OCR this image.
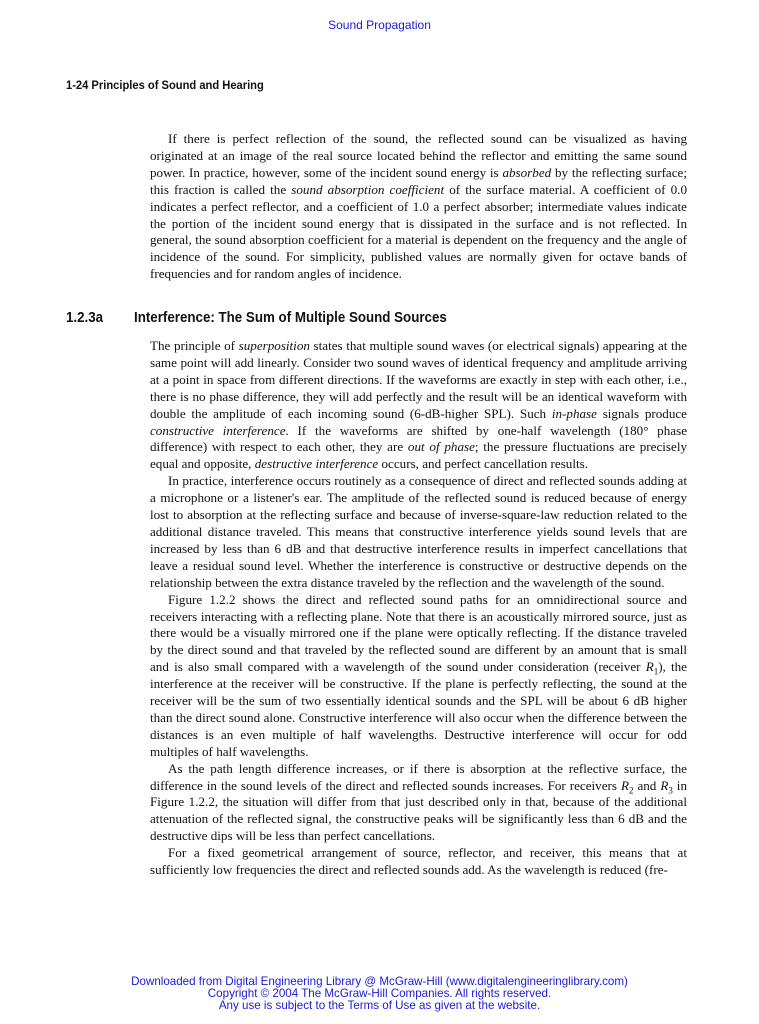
Sound Propagation

1-24 Principles of Sound and Hearing

If there is perfect reflection of the sound, the reflected sound can be visualized as having originated at an image of the real source located behind the reflector and emitting the same sound power. In practice, however, some of the incident sound energy is absorbed by the reflecting surface; this fraction is called the sound absorption coefficient of the surface material. A coefficient of 0.0 indicates a perfect reflector, and a coefficient of 1.0 a perfect absorber; intermediate values indicate the portion of the incident sound energy that is dissipated in the surface and is not reflected. In general, the sound absorption coefficient for a material is dependent on the frequency and the angle of incidence of the sound. For simplicity, published values are normally given for octave bands of frequencies and for random angles of incidence.

1.2.3a Interference: The Sum of Multiple Sound Sources

The principle of superposition states that multiple sound waves (or electrical signals) appearing at the same point will add linearly. Consider two sound waves of identical frequency and amplitude arriving at a point in space from different directions. If the waveforms are exactly in step with each other, i.e., there is no phase difference, they will add perfectly and the result will be an identical waveform with double the amplitude of each incoming sound (6-dB-higher SPL). Such in-phase signals produce constructive interference. If the waveforms are shifted by one-half wavelength (180° phase difference) with respect to each other, they are out of phase; the pressure fluctuations are precisely equal and opposite, destructive interference occurs, and perfect cancellation results.

In practice, interference occurs routinely as a consequence of direct and reflected sounds adding at a microphone or a listener's ear. The amplitude of the reflected sound is reduced because of energy lost to absorption at the reflecting surface and because of inverse-square-law reduction related to the additional distance traveled. This means that constructive interference yields sound levels that are increased by less than 6 dB and that destructive interference results in imperfect cancellations that leave a residual sound level. Whether the interference is constructive or destructive depends on the relationship between the extra distance traveled by the reflection and the wavelength of the sound.

Figure 1.2.2 shows the direct and reflected sound paths for an omnidirectional source and receivers interacting with a reflecting plane. Note that there is an acoustically mirrored source, just as there would be a visually mirrored one if the plane were optically reflecting. If the distance traveled by the direct sound and that traveled by the reflected sound are different by an amount that is small and is also small compared with a wavelength of the sound under consideration (receiver $R_1$), the interference at the receiver will be constructive. If the plane is perfectly reflecting, the sound at the receiver will be the sum of two essentially identical sounds and the SPL will be about 6 dB higher than the direct sound alone. Constructive interference will also occur when the difference between the distances is an even multiple of half wavelengths. Destructive interference will occur for odd multiples of half wavelengths.

As the path length difference increases, or if there is absorption at the reflective surface, the difference in the sound levels of the direct and reflected sounds increases. For receivers $R_2$ and $R_3$ in Figure 1.2.2, the situation will differ from that just described only in that, because of the additional attenuation of the reflected signal, the constructive peaks will be significantly less than 6 dB and the destructive dips will be less than perfect cancellations.

For a fixed geometrical arrangement of source, reflector, and receiver, this means that at sufficiently low frequencies the direct and reflected sounds add. As the wavelength is reduced (fre-

Downloaded from Digital Engineering Library @ McGraw-Hill (www.digitalengineeringlibrary.com)
Copyright © 2004 The McGraw-Hill Companies. All rights reserved.
Any use is subject to the Terms of Use as given at the website.
